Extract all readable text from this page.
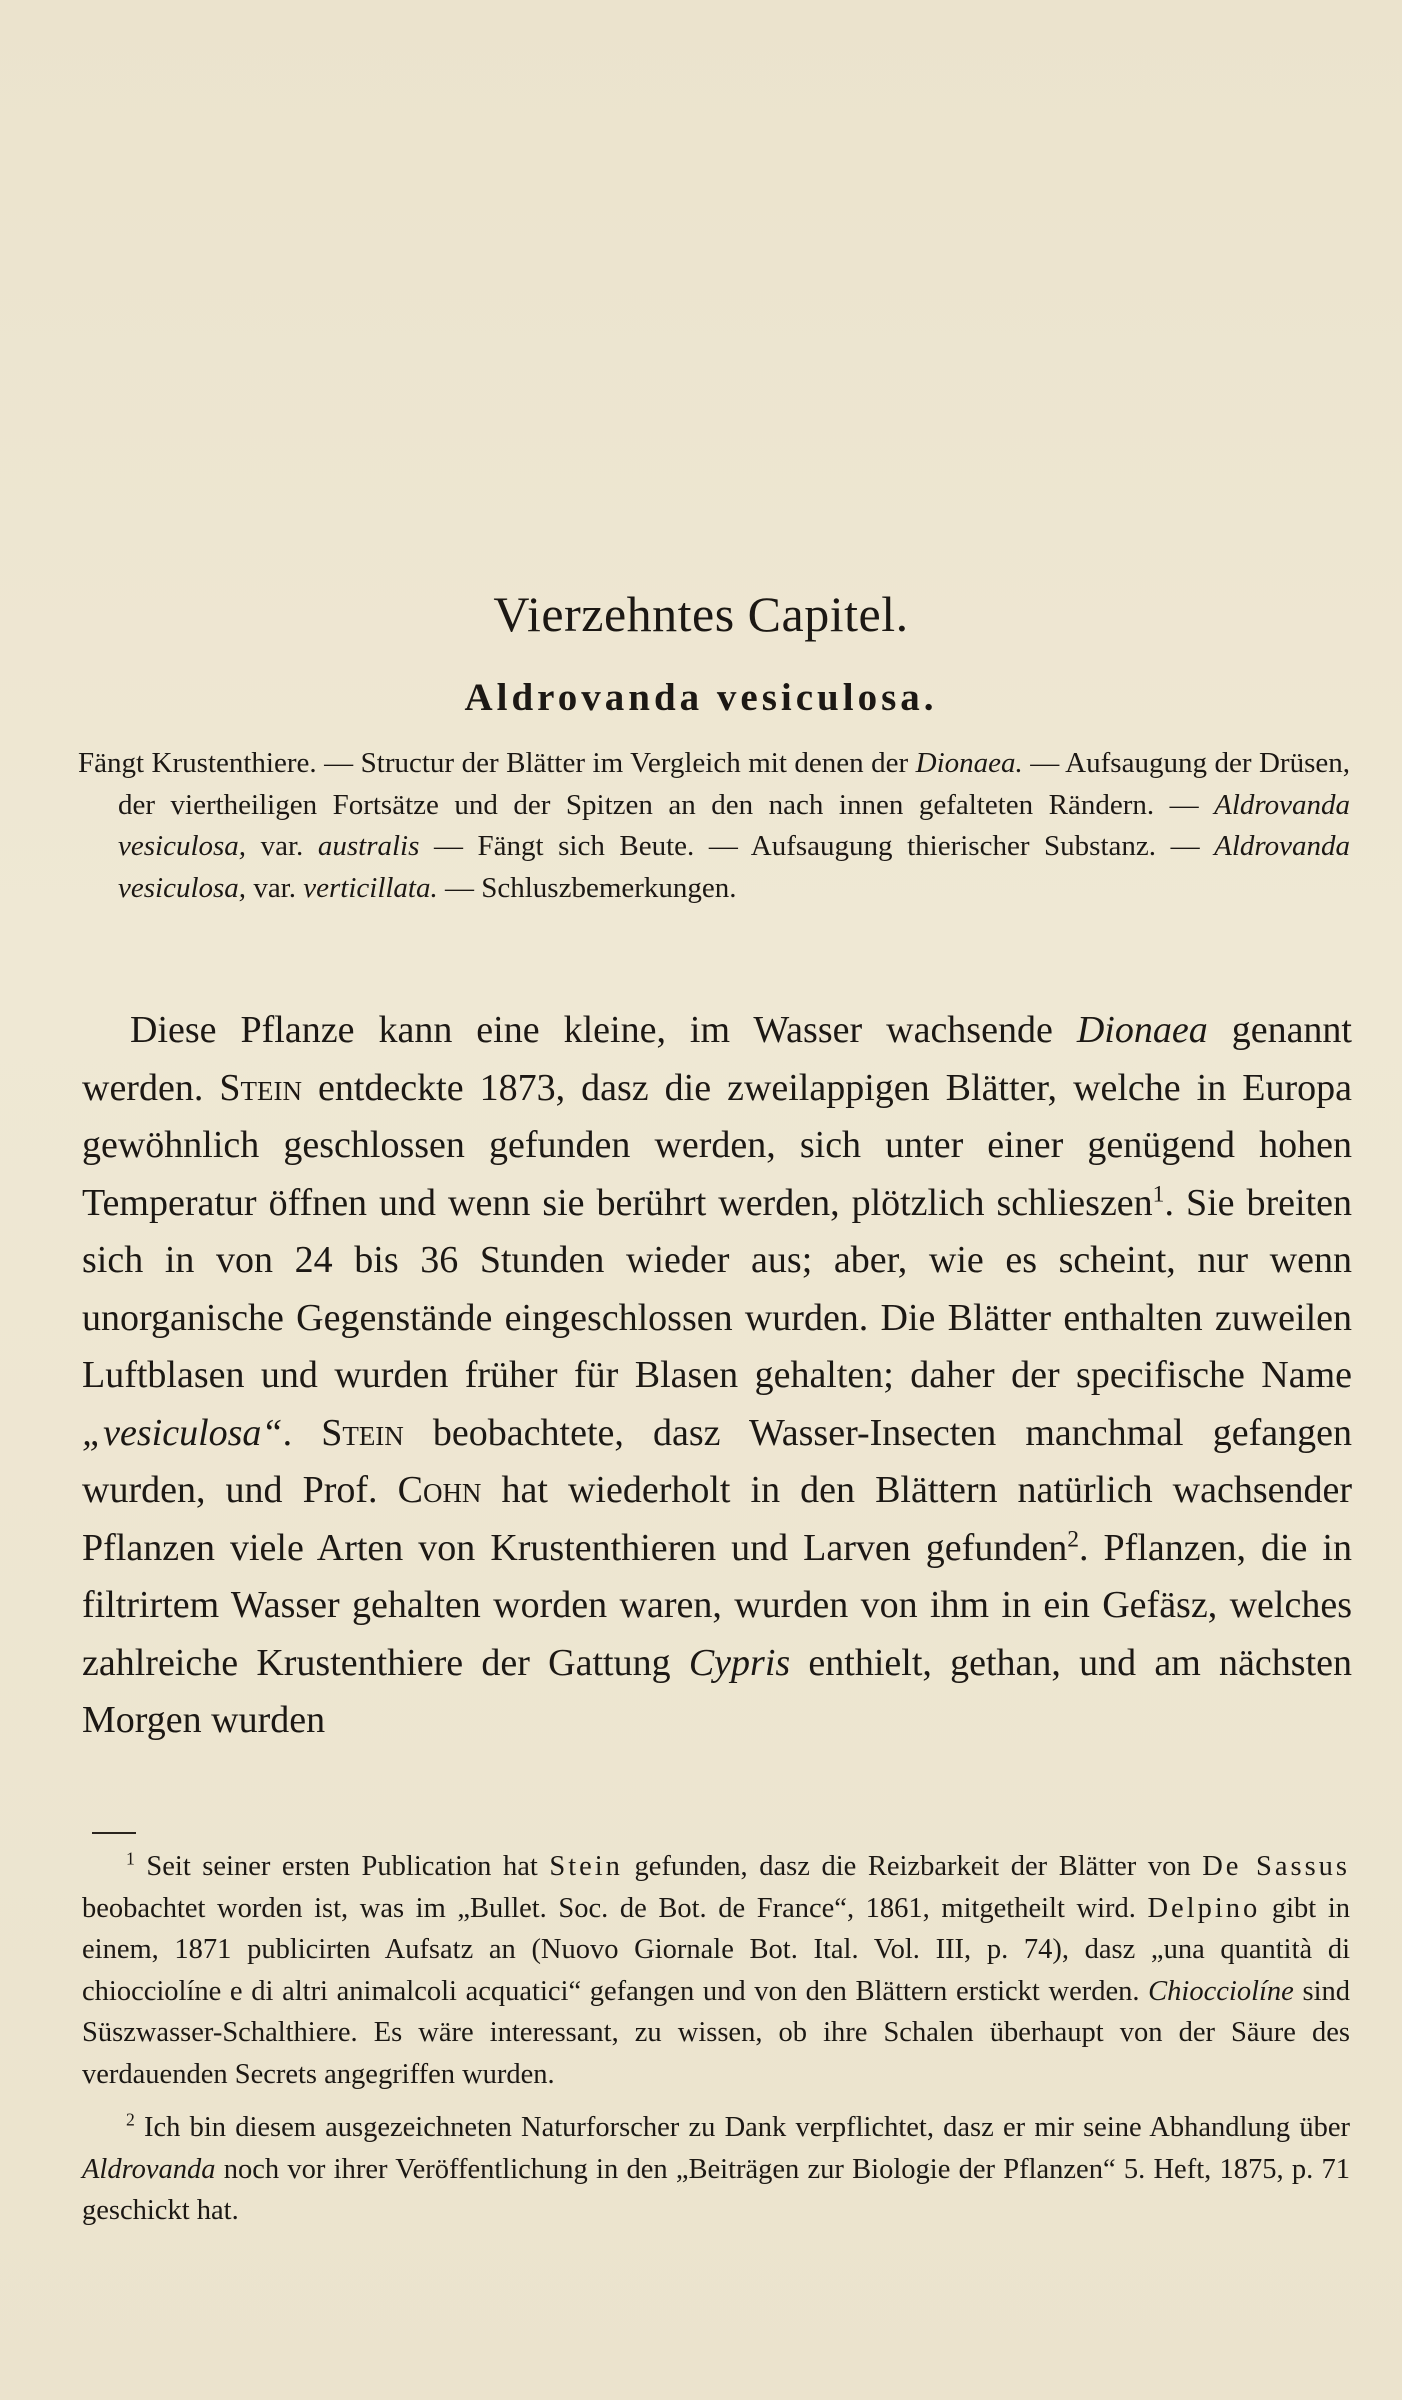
Vierzehntes Capitel.
Aldrovanda vesiculosa.

Fängt Krustenthiere. — Structur der Blätter im Vergleich mit denen der Dionaea. — Aufsaugung der Drüsen, der viertheiligen Fortsätze und der Spitzen an den nach innen gefalteten Rändern. — Aldrovanda vesiculosa, var. australis — Fängt sich Beute. — Aufsaugung thierischer Substanz. — Aldrovanda vesiculosa, var. verticillata. — Schluszbemerkungen.

Diese Pflanze kann eine kleine, im Wasser wachsende Dionaea genannt werden. Stein entdeckte 1873, dasz die zweilappigen Blätter, welche in Europa gewöhnlich geschlossen gefunden werden, sich unter einer genügend hohen Temperatur öffnen und wenn sie berührt werden, plötzlich schlieszen$^1$. Sie breiten sich in von 24 bis 36 Stunden wieder aus; aber, wie es scheint, nur wenn unorganische Gegenstände eingeschlossen wurden. Die Blätter enthalten zuweilen Luftblasen und wurden früher für Blasen gehalten; daher der specifische Name „vesiculosa“. Stein beobachtete, dasz Wasser-Insecten manchmal gefangen wurden, und Prof. Cohn hat wiederholt in den Blättern natürlich wachsender Pflanzen viele Arten von Krustenthieren und Larven gefunden$^2$. Pflanzen, die in filtrirtem Wasser gehalten worden waren, wurden von ihm in ein Gefäsz, welches zahlreiche Krustenthiere der Gattung Cypris enthielt, gethan, und am nächsten Morgen wurden

$^1$ Seit seiner ersten Publication hat Stein gefunden, dasz die Reizbarkeit der Blätter von De Sassus beobachtet worden ist, was im „Bullet. Soc. de Bot. de France“, 1861, mitgetheilt wird. Delpino gibt in einem, 1871 publicirten Aufsatz an (Nuovo Giornale Bot. Ital. Vol. III, p. 74), dasz „una quantità di chiocciolíne e di altri animalcoli acquatici“ gefangen und von den Blättern erstickt werden. Chiocciolíne sind Süszwasser-Schalthiere. Es wäre interessant, zu wissen, ob ihre Schalen überhaupt von der Säure des verdauenden Secrets angegriffen wurden.

$^2$ Ich bin diesem ausgezeichneten Naturforscher zu Dank verpflichtet, dasz er mir seine Abhandlung über Aldrovanda noch vor ihrer Veröffentlichung in den „Beiträgen zur Biologie der Pflanzen“ 5. Heft, 1875, p. 71 geschickt hat.
